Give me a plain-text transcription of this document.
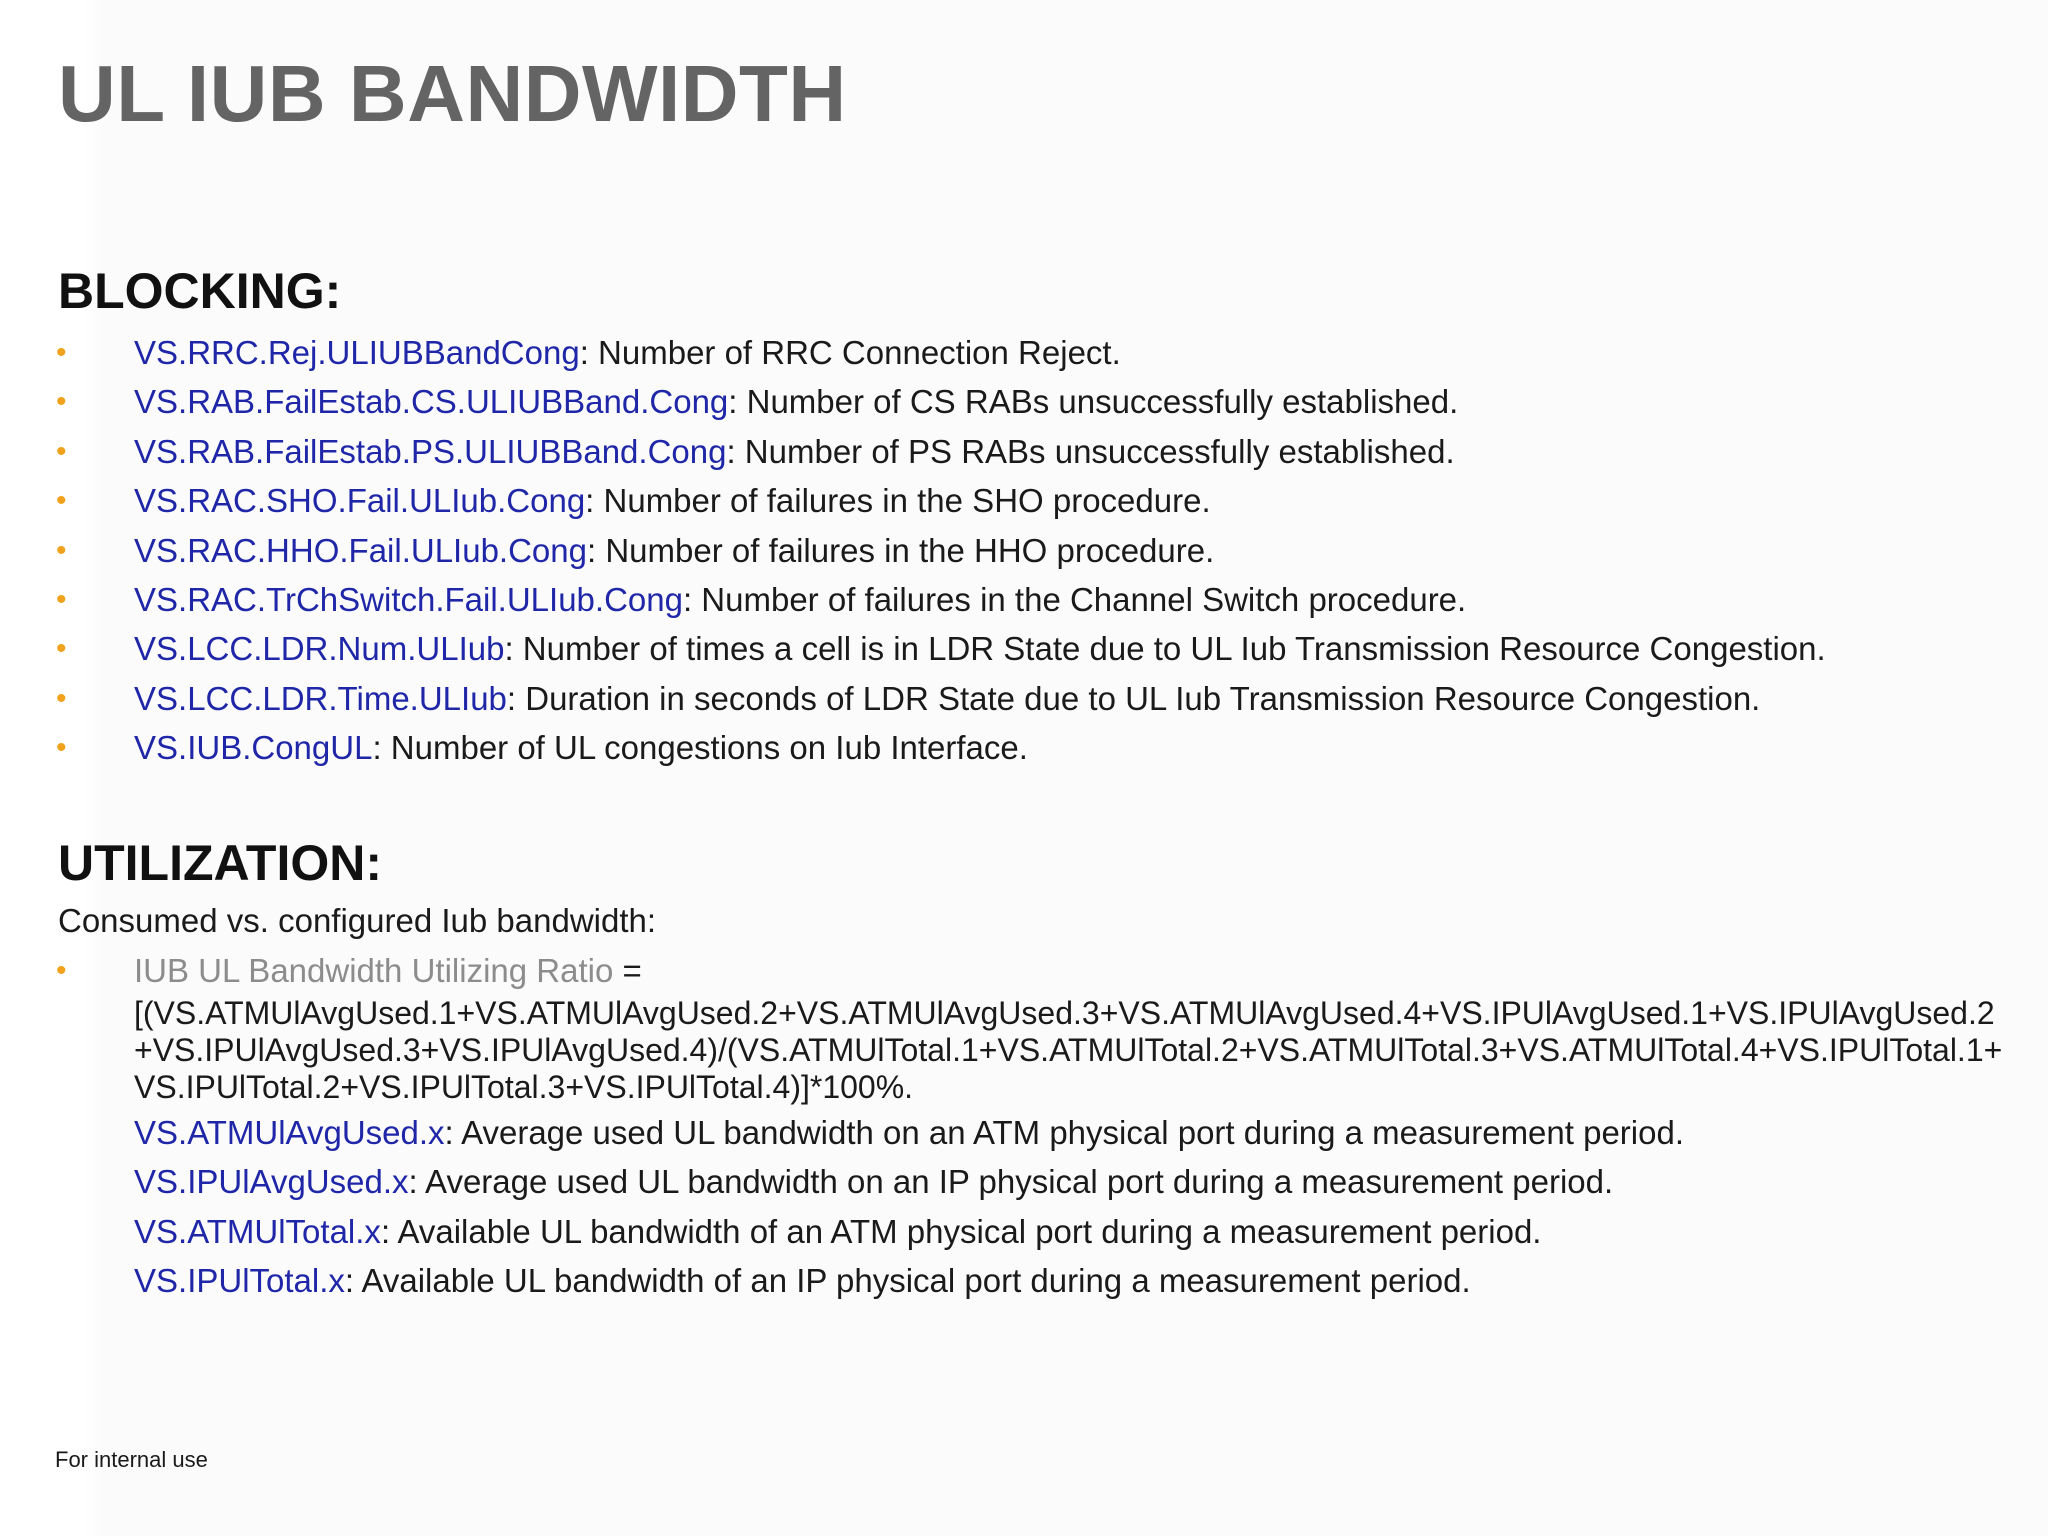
UL IUB BANDWIDTH
BLOCKING:
• VS.RRC.Rej.ULIUBBandCong: Number of RRC Connection Reject.
• VS.RAB.FailEstab.CS.ULIUBBand.Cong: Number of CS RABs unsuccessfully established.
• VS.RAB.FailEstab.PS.ULIUBBand.Cong: Number of PS RABs unsuccessfully established.
• VS.RAC.SHO.Fail.ULIub.Cong: Number of failures in the SHO procedure.
• VS.RAC.HHO.Fail.ULIub.Cong: Number of failures in the HHO procedure.
• VS.RAC.TrChSwitch.Fail.ULIub.Cong: Number of failures in the Channel Switch procedure.
• VS.LCC.LDR.Num.ULIub: Number of times a cell is in LDR State due to UL Iub Transmission Resource Congestion.
• VS.LCC.LDR.Time.ULIub: Duration in seconds of LDR State due to UL Iub Transmission Resource Congestion.
• VS.IUB.CongUL: Number of UL congestions on Iub Interface.
UTILIZATION:

Consumed vs. configured Iub bandwidth:

• IUB UL Bandwidth Utilizing Ratio =
[(VS.ATMUlAvgUsed.1+VS.ATMUlAvgUsed.2+VS.ATMUlAvgUsed.3+VS.ATMUlAvgUsed.4+VS.IPUlAvgUsed.1+VS.IPUlAvgUsed.2+VS.IPUlAvgUsed.3+VS.IPUlAvgUsed.4)/(VS.ATMUlTotal.1+VS.ATMUlTotal.2+VS.ATMUlTotal.3+VS.ATMUlTotal.4+VS.IPUlTotal.1+VS.IPUlTotal.2+VS.IPUlTotal.3+VS.IPUlTotal.4)]*100%.
VS.ATMUlAvgUsed.x: Average used UL bandwidth on an ATM physical port during a measurement period.
VS.IPUlAvgUsed.x: Average used UL bandwidth on an IP physical port during a measurement period.
VS.ATMUlTotal.x: Available UL bandwidth of an ATM physical port during a measurement period.
VS.IPUlTotal.x: Available UL bandwidth of an IP physical port during a measurement period.
For internal use
